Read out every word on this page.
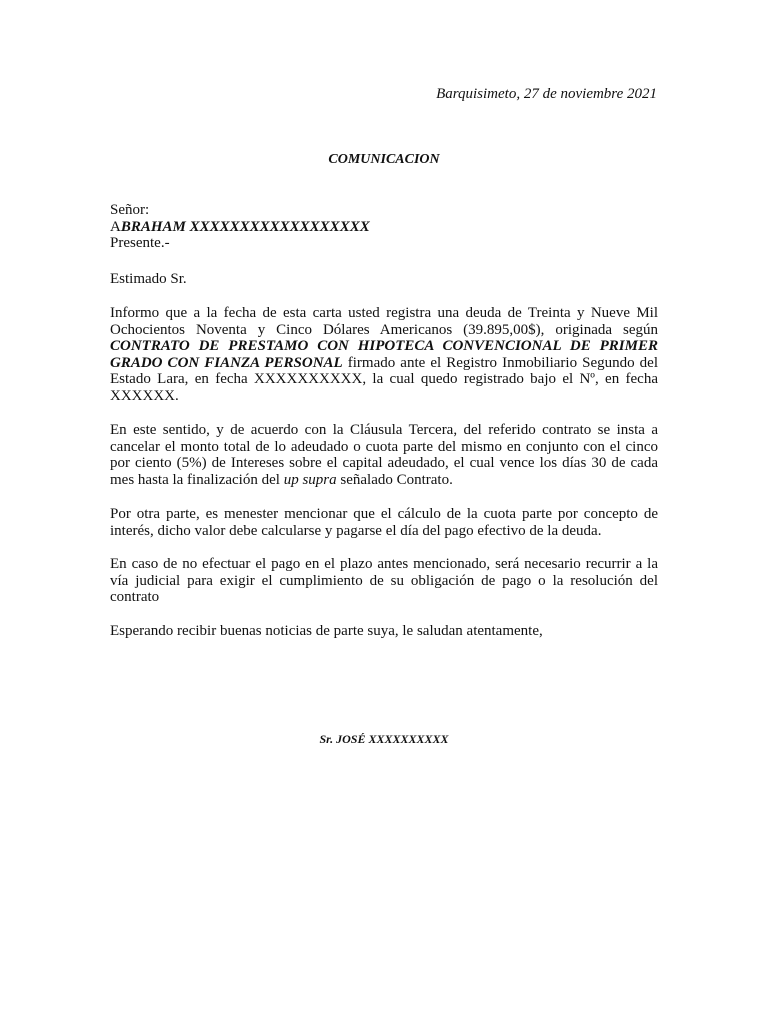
Barquisimeto, 27 de noviembre 2021
COMUNICACION
Señor:
ABRAHAM XXXXXXXXXXXXXXXXXX
Presente.-
Estimado Sr.
Informo que a la fecha de esta carta usted registra una deuda de Treinta y Nueve Mil Ochocientos Noventa y Cinco Dólares Americanos (39.895,00$), originada según CONTRATO DE PRESTAMO CON HIPOTECA CONVENCIONAL DE PRIMER GRADO CON FIANZA PERSONAL firmado ante el Registro Inmobiliario Segundo del Estado Lara, en fecha XXXXXXXXXX, la cual quedo registrado bajo el Nº, en fecha XXXXXX.
En este sentido, y de acuerdo con la Cláusula Tercera, del referido contrato se insta a cancelar el monto total de lo adeudado o cuota parte del mismo en conjunto con el cinco por ciento (5%) de Intereses sobre el capital adeudado, el cual vence los días 30 de cada mes hasta la finalización del up supra señalado Contrato.
Por otra parte, es menester mencionar que el cálculo de la cuota parte por concepto de interés, dicho valor debe calcularse y pagarse el día del pago efectivo de la deuda.
En caso de no efectuar el pago en el plazo antes mencionado, será necesario recurrir a la vía judicial para exigir el cumplimiento de su obligación de pago o la resolución del contrato
Esperando recibir buenas noticias de parte suya, le saludan atentamente,
Sr. JOSÉ XXXXXXXXXX
